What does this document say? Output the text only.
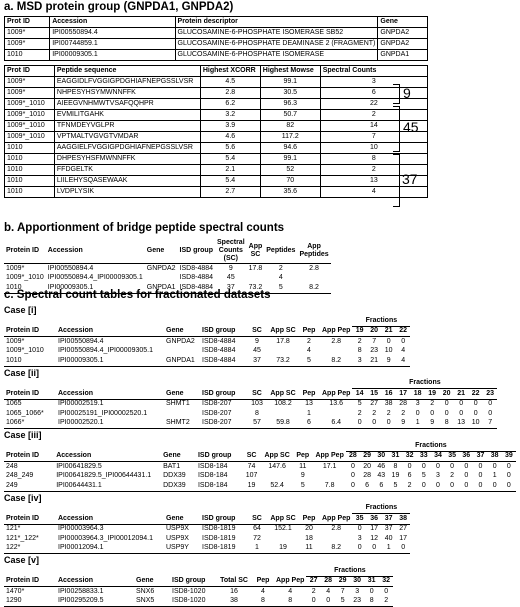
a. MSD protein group (GNPDA1, GNPDA2)
Prot ID	Accession	Protein descriptor	Gene
1009*	IPI00550894.4	GLUCOSAMINE-6-PHOSPHATE ISOMERASE SB52	GNPDA2
1009*	IPI00744859.1	GLUCOSAMINE-6-PHOSPHATE DEAMINASE 2 (FRAGMENT)	GNPDA2
1010	IPI00009305.1	GLUCOSAMINE-6-PHOSPHATE ISOMERASE	GNPDA1
Prot ID	Peptide sequence	Highest XCORR	Highest Mowse	Spectral Counts
1009*	EAGGIDLFVGGIGPDGHIAFNEPGSSLVSR	4.5	99.1	3
1009*	NHPESYHSYMWNNFFK	2.8	30.5	6
1009*_1010	AIEEGVNHMWTVSAFQQHPR	6.2	96.3	22
1009*_1010	EVMILITGAHK	3.2	50.7	2
1009*_1010	TFNMDEYVGLPR	3.9	82	14
1009*_1010	VPTMALTVGVGTVMDAR	4.6	117.2	7
1010	AAGGIELFVGGIGPDGHIAFNEPGSSLVSR	5.6	94.6	10
1010	DHPESYHSFMWNNFFK	5.4	99.1	8
1010	FFDGELTK	2.1	52	2
1010	LIILEHYSQASEWAAK	5.4	70	13
1010	LVDPLYSIK	2.7	35.6	4
9
45
37
b. Apportionment of bridge peptide spectral counts
Protein ID	Accession	Gene	ISD group	Spectral Counts (SC)	App SC	Peptides	App Peptides
1009*	IPI00550894.4	GNPDA2	ISD8-4884	9	17.8	2	2.8
1009*_1010	IPI00550894.4_IPI00009305.1		ISD8-4884	45		4	
1010	IPI00009305.1	GNPDA1	ISD8-4884	37	73.2	5	8.2
c. Spectral count tables for fractionated datasets
Case [i]
								Fractions			
Protein ID	Accession	Gene	ISD group	SC	App SC	Pep	App Pep	19	20	21	22
1009*	IPI00550894.4	GNPDA2	ISD8-4884	9	17.8	2	2.8	2	7	0	0
1009*_1010	IPI00550894.4_IPI00009305.1		ISD8-4884	45		4		8	23	10	4
1010	IPI00009305.1	GNPDA1	ISD8-4884	37	73.2	5	8.2	3	21	9	4
Case [ii]
								Fractions									
Protein ID	Accession	Gene	ISD group	SC	App SC	Pep	App Pep	14	15	16	17	18	19	20	21	22	23
1065	IPI00002519.1	SHMT1	ISD8-207	103	108.2	13	13.6	5	27	38	28	3	2	0	0	0	0
1065_1066*	IPI00025191_IPI00002520.1		ISD8-207	8		1		2	2	2	2	0	0	0	0	0	0
1066*	IPI00002520.1	SHMT2	ISD8-207	57	59.8	6	6.4	0	0	0	9	1	9	8	13	10	7
Case [iii]
								Fractions											
Protein ID	Accession	Gene	ISD group	SC	App SC	Pep	App Pep	28	29	30	31	32	33	34	35	36	37	38	39
248	IPI00641829.5	BAT1	ISD8-184	74	147.6	11	17.1	0	20	46	8	0	0	0	0	0	0	0	0
248_249	IPI00641829.5_IPI00644431.1	DDX39	ISD8-184	107		9		0	28	43	19	6	5	3	2	0	0	1	0
249	IPI00644431.1	DDX39	ISD8-184	19	52.4	5	7.8	0	6	6	5	2	0	0	0	0	0	0	0
Case [iv]
								Fractions			
Protein ID	Accession	Gene	ISD group	SC	App SC	Pep	App Pep	35	36	37	38
121*	IPI00003964.3	USP9X	ISD8-1819	64	152.1	20	2.8	0	17	37	27
121*_122*	IPI00003964.3_IPI00012094.1	USP9X	ISD8-1819	72		18		3	12	40	17
122*	IPI00012094.1	USP9Y	ISD8-1819	1	19	11	8.2	0	0	1	0
Case [v]
							Fractions					
Protein ID	Accession	Gene	ISD group	Total SC	Pep	App Pep	27	28	29	30	31	32
1470*	IPI00258833.1	SNX6	ISD8-1020	16	4	4	2	4	7	3	0	0
1290	IPI00295209.5	SNX5	ISD8-1020	38	8	8	0	0	5	23	8	2
